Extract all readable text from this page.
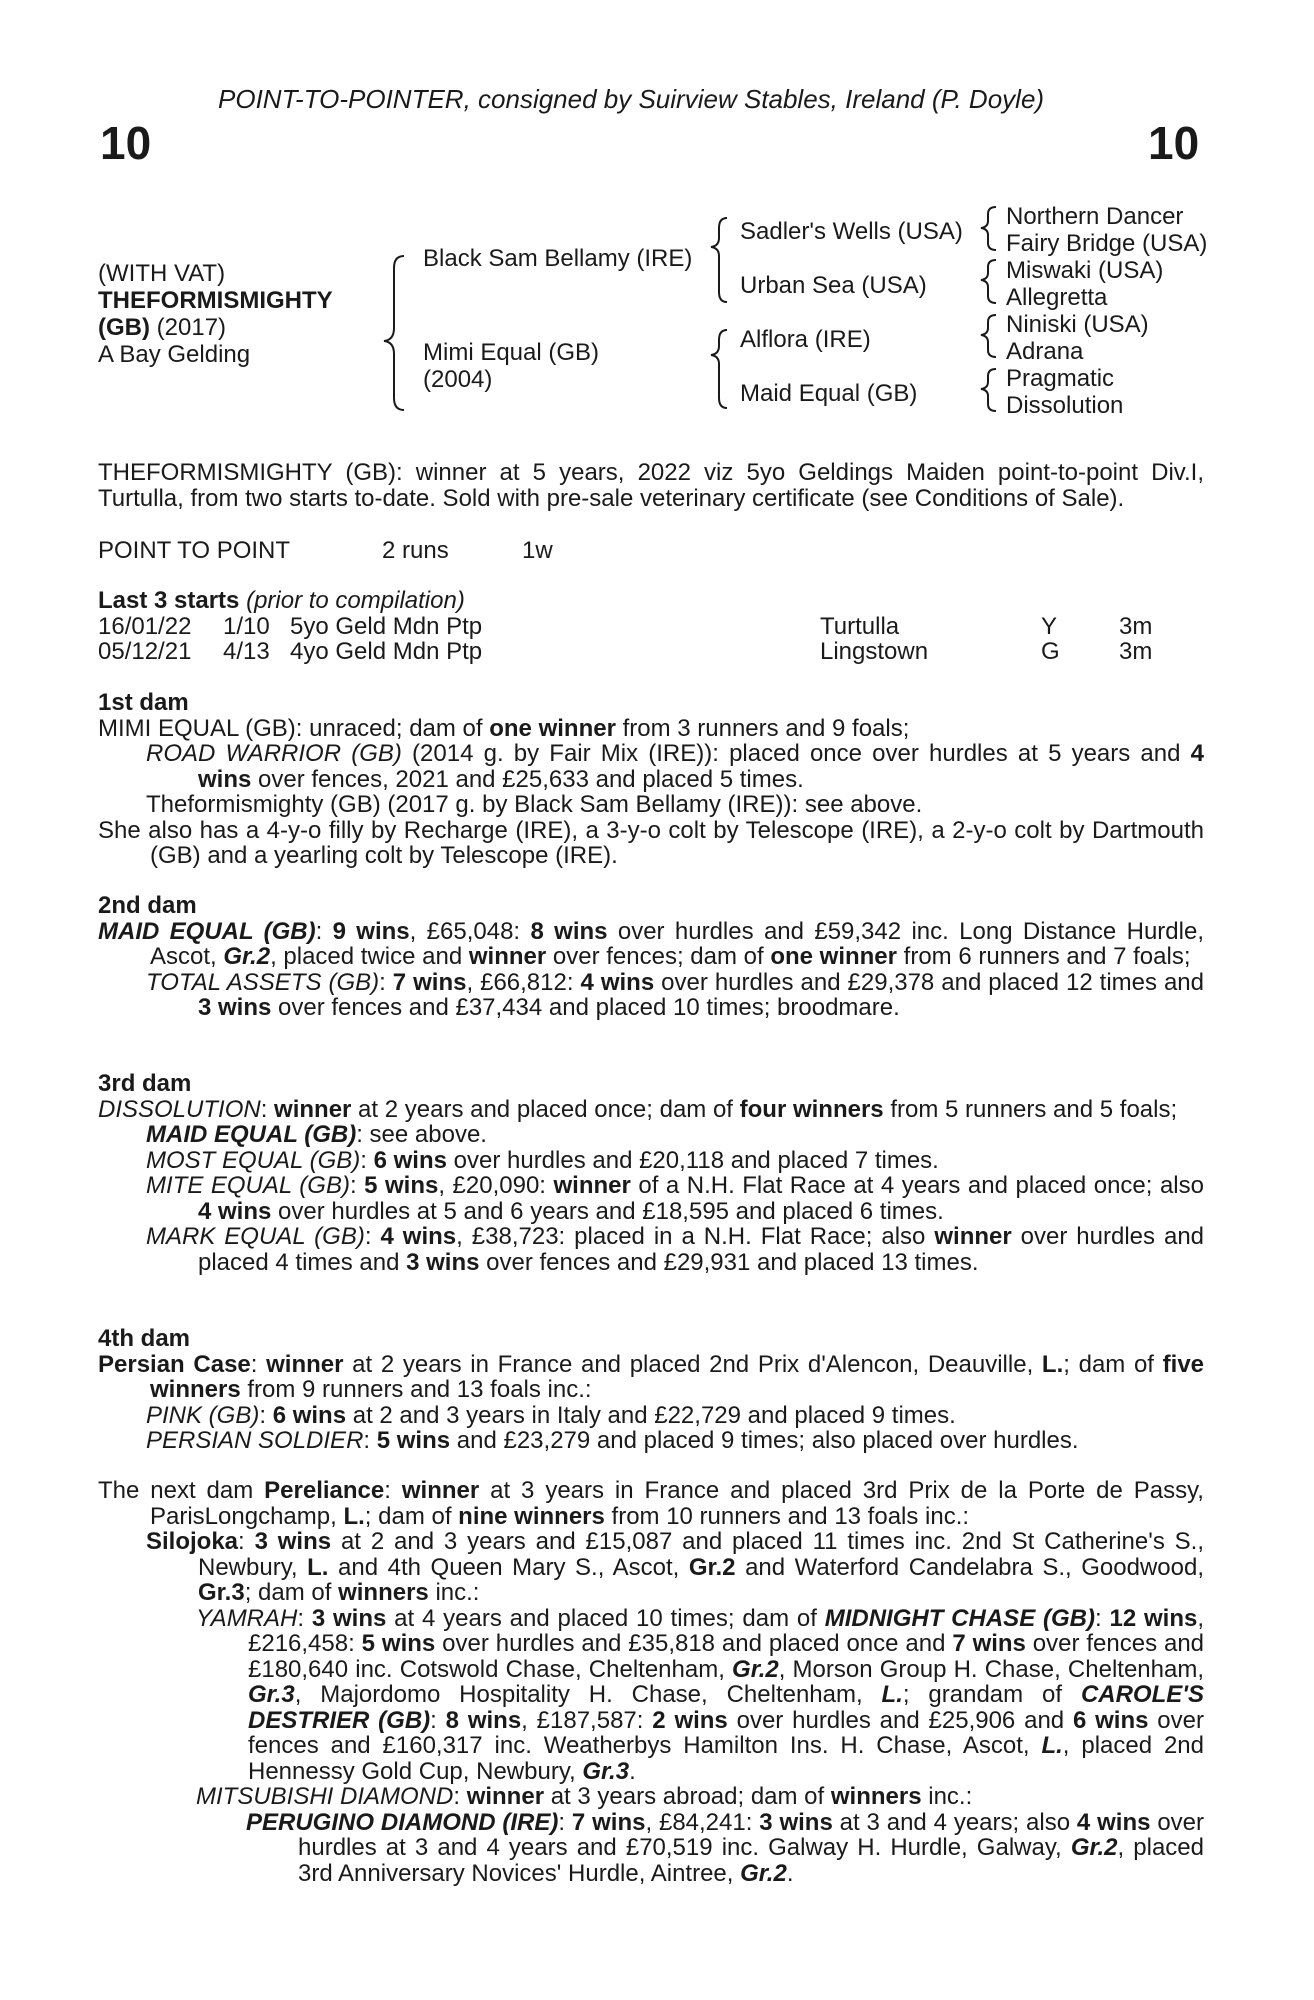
POINT-TO-POINTER, consigned by Suirview Stables, Ireland (P. Doyle)
10	10
(WITH VAT)
THEFORMISMIGHTY
(GB) (2017)
A Bay Gelding
Black Sam Bellamy (IRE)
Mimi Equal (GB)
(2004)
Sadler's Wells (USA)
Urban Sea (USA)
Alflora (IRE)
Maid Equal (GB)
Northern Dancer
Fairy Bridge (USA)
Miswaki (USA)
Allegretta
Niniski (USA)
Adrana
Pragmatic
Dissolution
THEFORMISMIGHTY (GB): winner at 5 years, 2022 viz 5yo Geldings Maiden point-to-point Div.I, Turtulla, from two starts to-date. Sold with pre-sale veterinary certificate (see Conditions of Sale).
POINT TO POINT	2 runs	1w
Last 3 starts (prior to compilation)
16/01/22 1/10 5yo Geld Mdn Ptp	Turtulla	Y	3m
05/12/21 4/13 4yo Geld Mdn Ptp	Lingstown	G 3m
1st dam
MIMI EQUAL (GB): unraced; dam of one winner from 3 runners and 9 foals;
ROAD WARRIOR (GB) (2014 g. by Fair Mix (IRE)): placed once over hurdles at 5 years and 4 wins over fences, 2021 and £25,633 and placed 5 times.
Theformismighty (GB) (2017 g. by Black Sam Bellamy (IRE)): see above.
She also has a 4-y-o filly by Recharge (IRE), a 3-y-o colt by Telescope (IRE), a 2-y-o colt by Dartmouth (GB) and a yearling colt by Telescope (IRE).
2nd dam
MAID EQUAL (GB): 9 wins, £65,048: 8 wins over hurdles and £59,342 inc. Long Distance Hurdle, Ascot, Gr.2, placed twice and winner over fences; dam of one winner from 6 runners and 7 foals;
TOTAL ASSETS (GB): 7 wins, £66,812: 4 wins over hurdles and £29,378 and placed 12 times and 3 wins over fences and £37,434 and placed 10 times; broodmare.
3rd dam
DISSOLUTION: winner at 2 years and placed once; dam of four winners from 5 runners and 5 foals;
MAID EQUAL (GB): see above.
MOST EQUAL (GB): 6 wins over hurdles and £20,118 and placed 7 times.
MITE EQUAL (GB): 5 wins, £20,090: winner of a N.H. Flat Race at 4 years and placed once; also 4 wins over hurdles at 5 and 6 years and £18,595 and placed 6 times.
MARK EQUAL (GB): 4 wins, £38,723: placed in a N.H. Flat Race; also winner over hurdles and placed 4 times and 3 wins over fences and £29,931 and placed 13 times.
4th dam
Persian Case: winner at 2 years in France and placed 2nd Prix d'Alencon, Deauville, L.; dam of five winners from 9 runners and 13 foals inc.:
PINK (GB): 6 wins at 2 and 3 years in Italy and £22,729 and placed 9 times.
PERSIAN SOLDIER: 5 wins and £23,279 and placed 9 times; also placed over hurdles.
The next dam Pereliance: winner at 3 years in France and placed 3rd Prix de la Porte de Passy, ParisLongchamp, L.; dam of nine winners from 10 runners and 13 foals inc.:
Silojoka: 3 wins at 2 and 3 years and £15,087 and placed 11 times inc. 2nd St Catherine's S., Newbury, L. and 4th Queen Mary S., Ascot, Gr.2 and Waterford Candelabra S., Goodwood, Gr.3; dam of winners inc.:
YAMRAH: 3 wins at 4 years and placed 10 times; dam of MIDNIGHT CHASE (GB): 12 wins, £216,458: 5 wins over hurdles and £35,818 and placed once and 7 wins over fences and £180,640 inc. Cotswold Chase, Cheltenham, Gr.2, Morson Group H. Chase, Cheltenham, Gr.3, Majordomo Hospitality H. Chase, Cheltenham, L.; grandam of CAROLE'S DESTRIER (GB): 8 wins, £187,587: 2 wins over hurdles and £25,906 and 6 wins over fences and £160,317 inc. Weatherbys Hamilton Ins. H. Chase, Ascot, L., placed 2nd Hennessy Gold Cup, Newbury, Gr.3.
MITSUBISHI DIAMOND: winner at 3 years abroad; dam of winners inc.:
PERUGINO DIAMOND (IRE): 7 wins, £84,241: 3 wins at 3 and 4 years; also 4 wins over hurdles at 3 and 4 years and £70,519 inc. Galway H. Hurdle, Galway, Gr.2, placed 3rd Anniversary Novices' Hurdle, Aintree, Gr.2.
